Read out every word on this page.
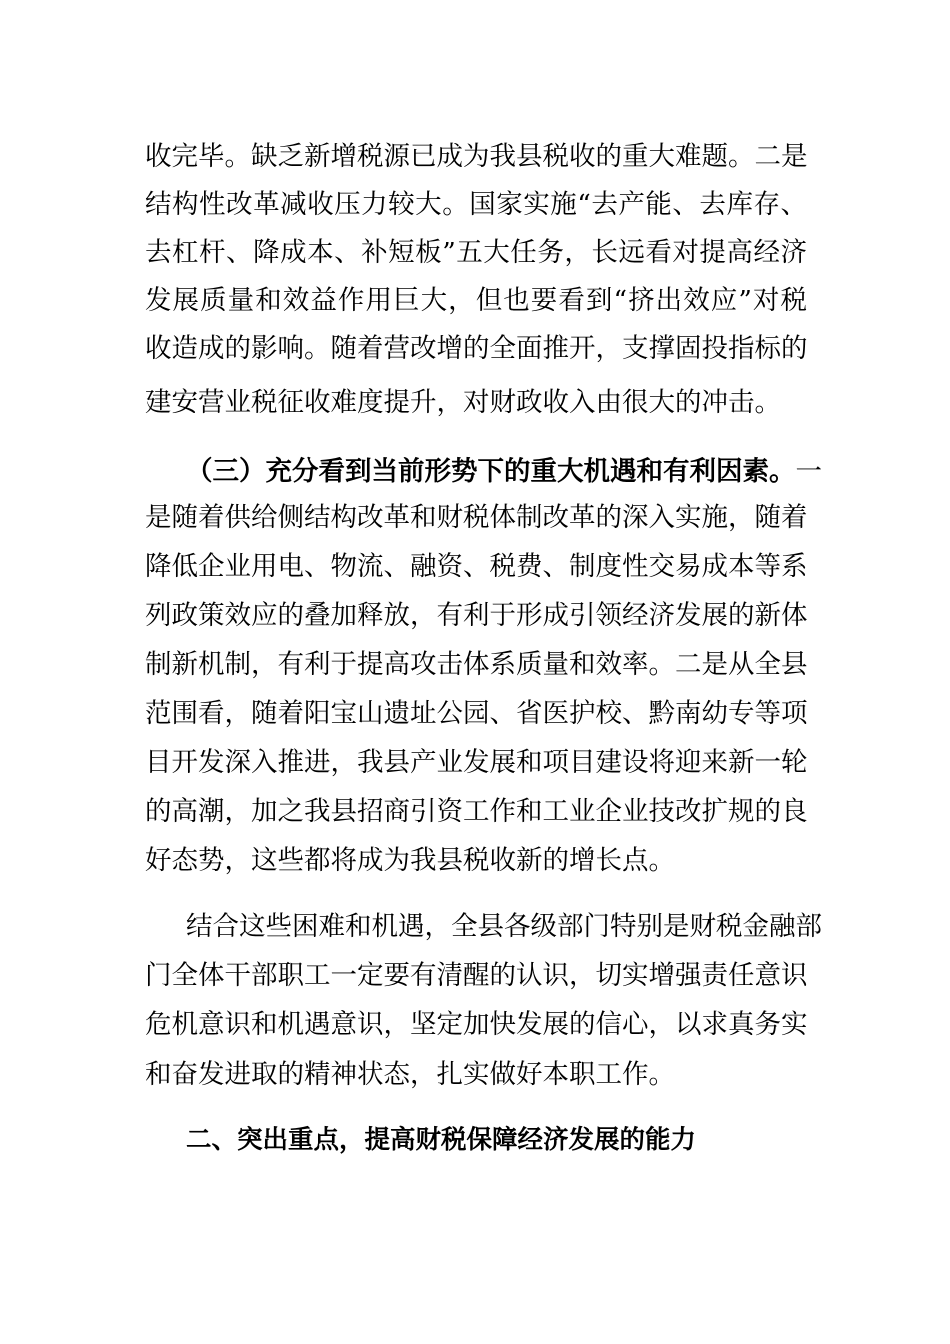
收完毕。缺乏新增税源已成为我县税收的重大难题。二是
结构性改革减收压力较大。国家实施“去产能、去库存、
去杠杆、降成本、补短板”五大任务，长远看对提高经济
发展质量和效益作用巨大，但也要看到“挤出效应”对税
收造成的影响。随着营改增的全面推开，支撑固投指标的
建安营业税征收难度提升，对财政收入由很大的冲击。
（三）充分看到当前形势下的重大机遇和有利因素。一
是随着供给侧结构改革和财税体制改革的深入实施，随着
降低企业用电、物流、融资、税费、制度性交易成本等系
列政策效应的叠加释放，有利于形成引领经济发展的新体
制新机制，有利于提高攻击体系质量和效率。二是从全县
范围看，随着阳宝山遗址公园、省医护校、黔南幼专等项
目开发深入推进，我县产业发展和项目建设将迎来新一轮
的高潮，加之我县招商引资工作和工业企业技改扩规的良
好态势，这些都将成为我县税收新的增长点。
结合这些困难和机遇，全县各级部门特别是财税金融部
门全体干部职工一定要有清醒的认识，切实增强责任意识
危机意识和机遇意识，坚定加快发展的信心，以求真务实
和奋发进取的精神状态，扎实做好本职工作。
二、突出重点，提高财税保障经济发展的能力
